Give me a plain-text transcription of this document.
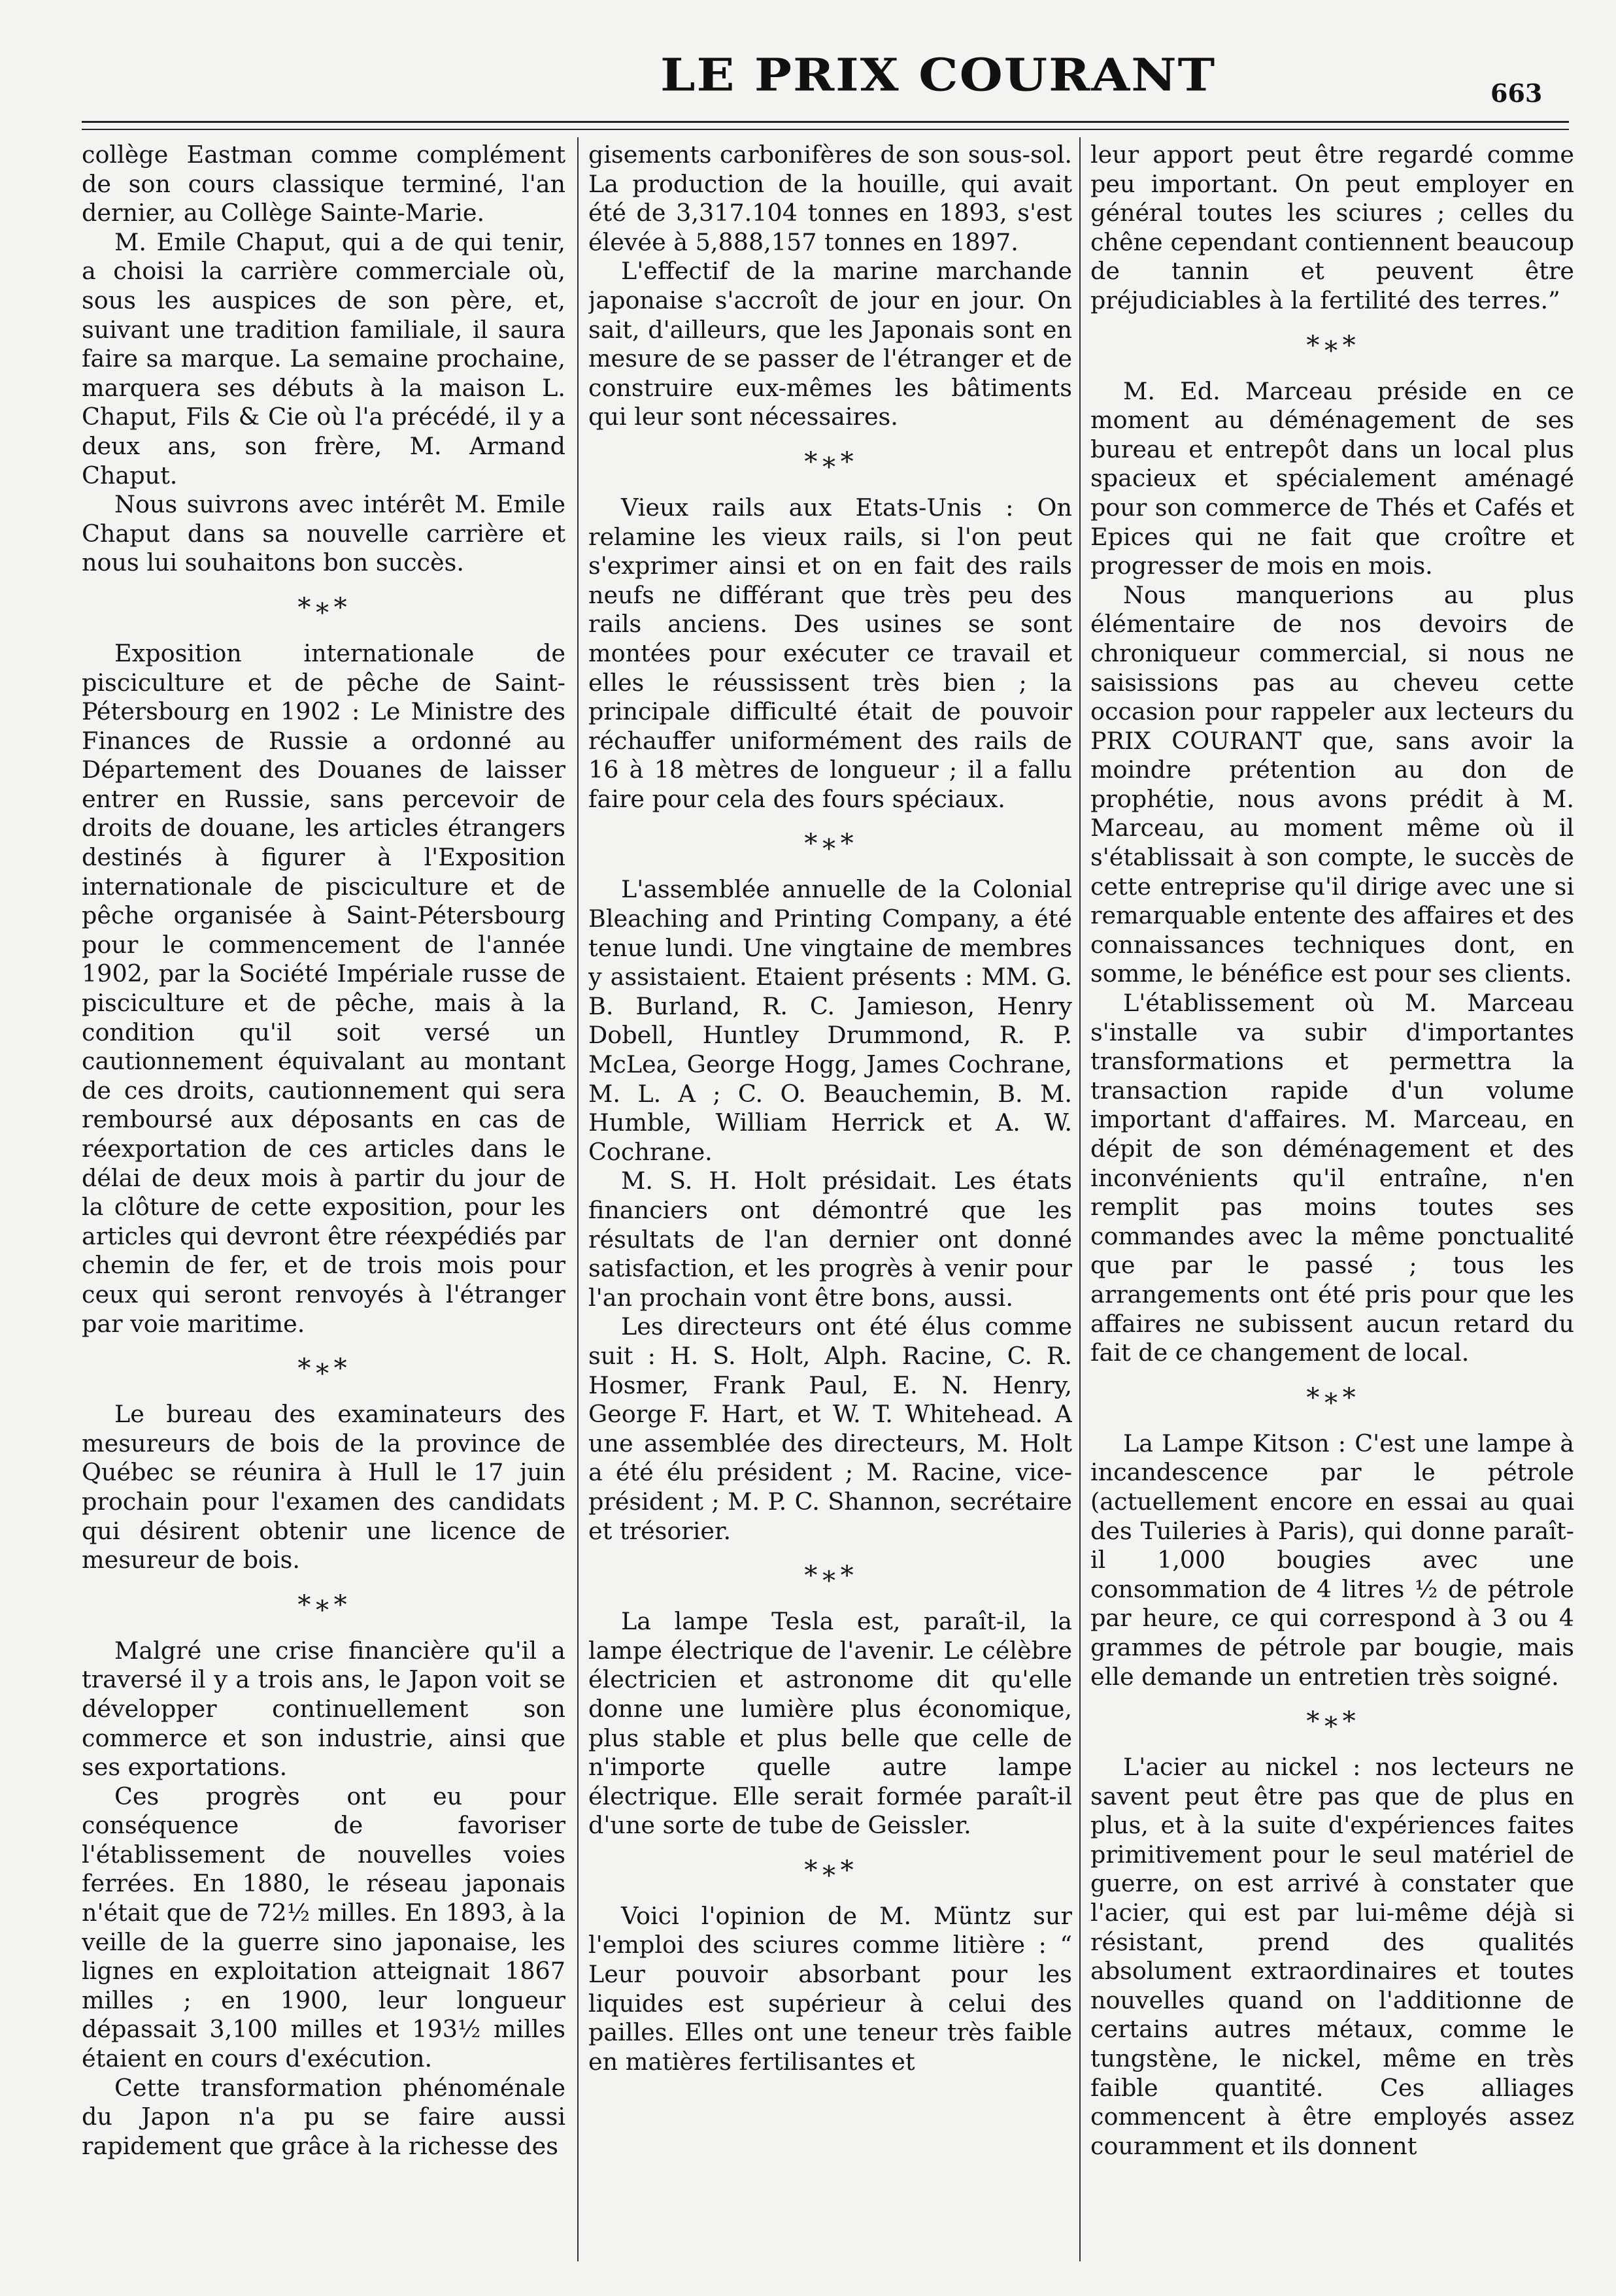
LE PRIX COURANT	663

collège Eastman comme complément de son cours classique terminé, l'an dernier, au Collège Sainte-Marie.

M. Emile Chaput, qui a de qui tenir, a choisi la carrière commerciale où, sous les auspices de son père, et, suivant une tradition familiale, il saura faire sa marque. La semaine prochaine, marquera ses débuts à la maison L. Chaput, Fils & Cie où l'a précédé, il y a deux ans, son frère, M. Armand Chaput.

Nous suivrons avec intérêt M. Emile Chaput dans sa nouvelle carrière et nous lui souhaitons bon succès.

*∗*

Exposition internationale de pisciculture et de pêche de Saint-Pétersbourg en 1902 : Le Ministre des Finances de Russie a ordonné au Département des Douanes de laisser entrer en Russie, sans percevoir de droits de douane, les articles étrangers destinés à figurer à l'Exposition internationale de pisciculture et de pêche organisée à Saint-Pétersbourg pour le commencement de l'année 1902, par la Société Impériale russe de pisciculture et de pêche, mais à la condition qu'il soit versé un cautionnement équivalant au montant de ces droits, cautionnement qui sera remboursé aux déposants en cas de réexportation de ces articles dans le délai de deux mois à partir du jour de la clôture de cette exposition, pour les articles qui devront être réexpédiés par chemin de fer, et de trois mois pour ceux qui seront renvoyés à l'étranger par voie maritime.

*∗*

Le bureau des examinateurs des mesureurs de bois de la province de Québec se réunira à Hull le 17 juin prochain pour l'examen des candidats qui désirent obtenir une licence de mesureur de bois.

*∗*

Malgré une crise financière qu'il a traversé il y a trois ans, le Japon voit se développer continuellement son commerce et son industrie, ainsi que ses exportations.

Ces progrès ont eu pour conséquence de favoriser l'établissement de nouvelles voies ferrées. En 1880, le réseau japonais n'était que de 72½ milles. En 1893, à la veille de la guerre sino japonaise, les lignes en exploitation atteignait 1867 milles ; en 1900, leur longueur dépassait 3,100 milles et 193½ milles étaient en cours d'exécution.

Cette transformation phénoménale du Japon n'a pu se faire aussi rapidement que grâce à la richesse des

gisements carbonifères de son sous-sol. La production de la houille, qui avait été de 3,317.104 tonnes en 1893, s'est élevée à 5,888,157 tonnes en 1897.

L'effectif de la marine marchande japonaise s'accroît de jour en jour. On sait, d'ailleurs, que les Japonais sont en mesure de se passer de l'étranger et de construire eux-mêmes les bâtiments qui leur sont nécessaires.

*∗*

Vieux rails aux Etats-Unis : On relamine les vieux rails, si l'on peut s'exprimer ainsi et on en fait des rails neufs ne différant que très peu des rails anciens. Des usines se sont montées pour exécuter ce travail et elles le réussissent très bien ; la principale difficulté était de pouvoir réchauffer uniformément des rails de 16 à 18 mètres de longueur ; il a fallu faire pour cela des fours spéciaux.

*∗*

L'assemblée annuelle de la Colonial Bleaching and Printing Company, a été tenue lundi. Une vingtaine de membres y assistaient. Etaient présents : MM. G. B. Burland, R. C. Jamieson, Henry Dobell, Huntley Drummond, R. P. McLea, George Hogg, James Cochrane, M. L. A ; C. O. Beauchemin, B. M. Humble, William Herrick et A. W. Cochrane.

M. S. H. Holt présidait. Les états financiers ont démontré que les résultats de l'an dernier ont donné satisfaction, et les progrès à venir pour l'an prochain vont être bons, aussi.

Les directeurs ont été élus comme suit : H. S. Holt, Alph. Racine, C. R. Hosmer, Frank Paul, E. N. Henry, George F. Hart, et W. T. Whitehead. A une assemblée des directeurs, M. Holt a été élu président ; M. Racine, vice-président ; M. P. C. Shannon, secrétaire et trésorier.

*∗*

La lampe Tesla est, paraît-il, la lampe électrique de l'avenir. Le célèbre électricien et astronome dit qu'elle donne une lumière plus économique, plus stable et plus belle que celle de n'importe quelle autre lampe électrique. Elle serait formée paraît-il d'une sorte de tube de Geissler.

*∗*

Voici l'opinion de M. Müntz sur l'emploi des sciures comme litière : “ Leur pouvoir absorbant pour les liquides est supérieur à celui des pailles. Elles ont une teneur très faible en matières fertilisantes et

leur apport peut être regardé comme peu important. On peut employer en général toutes les sciures ; celles du chêne cependant contiennent beaucoup de tannin et peuvent être préjudiciables à la fertilité des terres.”

*∗*

M. Ed. Marceau préside en ce moment au déménagement de ses bureau et entrepôt dans un local plus spacieux et spécialement aménagé pour son commerce de Thés et Cafés et Epices qui ne fait que croître et progresser de mois en mois.

Nous manquerions au plus élémentaire de nos devoirs de chroniqueur commercial, si nous ne saisissions pas au cheveu cette occasion pour rappeler aux lecteurs du PRIX COURANT que, sans avoir la moindre prétention au don de prophétie, nous avons prédit à M. Marceau, au moment même où il s'établissait à son compte, le succès de cette entreprise qu'il dirige avec une si remarquable entente des affaires et des connaissances techniques dont, en somme, le bénéfice est pour ses clients.

L'établissement où M. Marceau s'installe va subir d'importantes transformations et permettra la transaction rapide d'un volume important d'affaires. M. Marceau, en dépit de son déménagement et des inconvénients qu'il entraîne, n'en remplit pas moins toutes ses commandes avec la même ponctualité que par le passé ; tous les arrangements ont été pris pour que les affaires ne subissent aucun retard du fait de ce changement de local.

*∗*

La Lampe Kitson : C'est une lampe à incandescence par le pétrole (actuellement encore en essai au quai des Tuileries à Paris), qui donne paraît-il 1,000 bougies avec une consommation de 4 litres ½ de pétrole par heure, ce qui correspond à 3 ou 4 grammes de pétrole par bougie, mais elle demande un entretien très soigné.

*∗*

L'acier au nickel : nos lecteurs ne savent peut être pas que de plus en plus, et à la suite d'expériences faites primitivement pour le seul matériel de guerre, on est arrivé à constater que l'acier, qui est par lui-même déjà si résistant, prend des qualités absolument extraordinaires et toutes nouvelles quand on l'additionne de certains autres métaux, comme le tungstène, le nickel, même en très faible quantité. Ces alliages commencent à être employés assez couramment et ils donnent
